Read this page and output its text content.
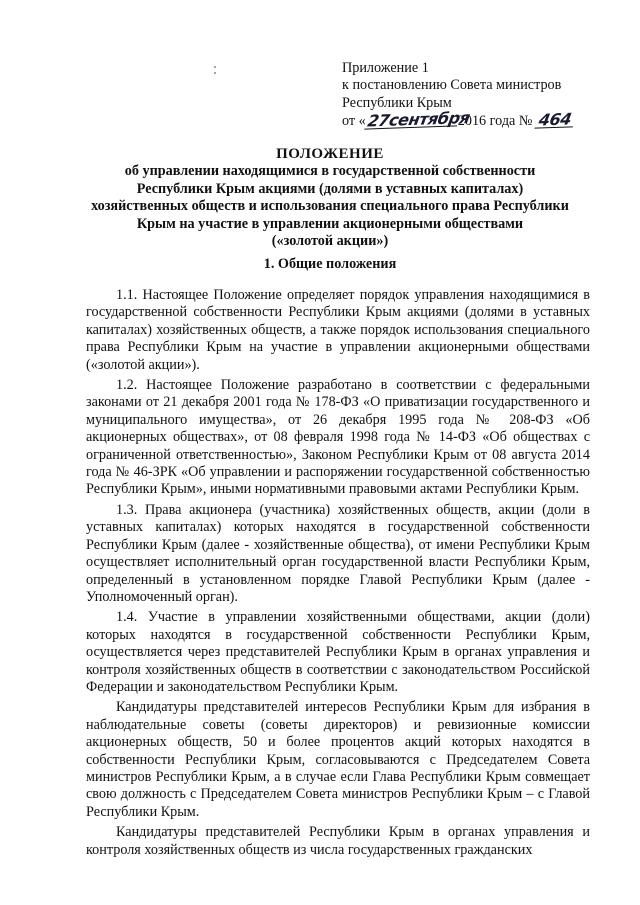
Приложение 1
к постановлению Совета министров
Республики Крым
от «27сентября2016 года № 464
ПОЛОЖЕНИЕ
об управлении находящимися в государственной собственности
Республики Крым акциями (долями в уставных капиталах)
хозяйственных обществ и использования специального права Республики
Крым на участие в управлении акционерными обществами
(«золотой акции»)
1. Общие положения

1.1. Настоящее Положение определяет порядок управления находящимися в государственной собственности Республики Крым акциями (долями в уставных капиталах) хозяйственных обществ, а также порядок использования специального права Республики Крым на участие в управлении акционерными обществами («золотой акции»).

1.2. Настоящее Положение разработано в соответствии с федеральными законами от 21 декабря 2001 года № 178-ФЗ «О приватизации государственного и муниципального имущества», от 26 декабря 1995 года № 208-ФЗ «Об акционерных обществах», от 08 февраля 1998 года № 14-ФЗ «Об обществах с ограниченной ответственностью», Законом Республики Крым от 08 августа 2014 года № 46-ЗРК «Об управлении и распоряжении государственной собственностью Республики Крым», иными нормативными правовыми актами Республики Крым.

1.3. Права акционера (участника) хозяйственных обществ, акции (доли в уставных капиталах) которых находятся в государственной собственности Республики Крым (далее - хозяйственные общества), от имени Республики Крым осуществляет исполнительный орган государственной власти Республики Крым, определенный в установленном порядке Главой Республики Крым (далее - Уполномоченный орган).

1.4. Участие в управлении хозяйственными обществами, акции (доли) которых находятся в государственной собственности Республики Крым, осуществляется через представителей Республики Крым в органах управления и контроля хозяйственных обществ в соответствии с законодательством Российской Федерации и законодательством Республики Крым.

Кандидатуры представителей интересов Республики Крым для избрания в наблюдательные советы (советы директоров) и ревизионные комиссии акционерных обществ, 50 и более процентов акций которых находятся в собственности Республики Крым, согласовываются с Председателем Совета министров Республики Крым, а в случае если Глава Республики Крым совмещает свою должность с Председателем Совета министров Республики Крым – с Главой Республики Крым.

Кандидатуры представителей Республики Крым в органах управления и контроля хозяйственных обществ из числа государственных гражданских
